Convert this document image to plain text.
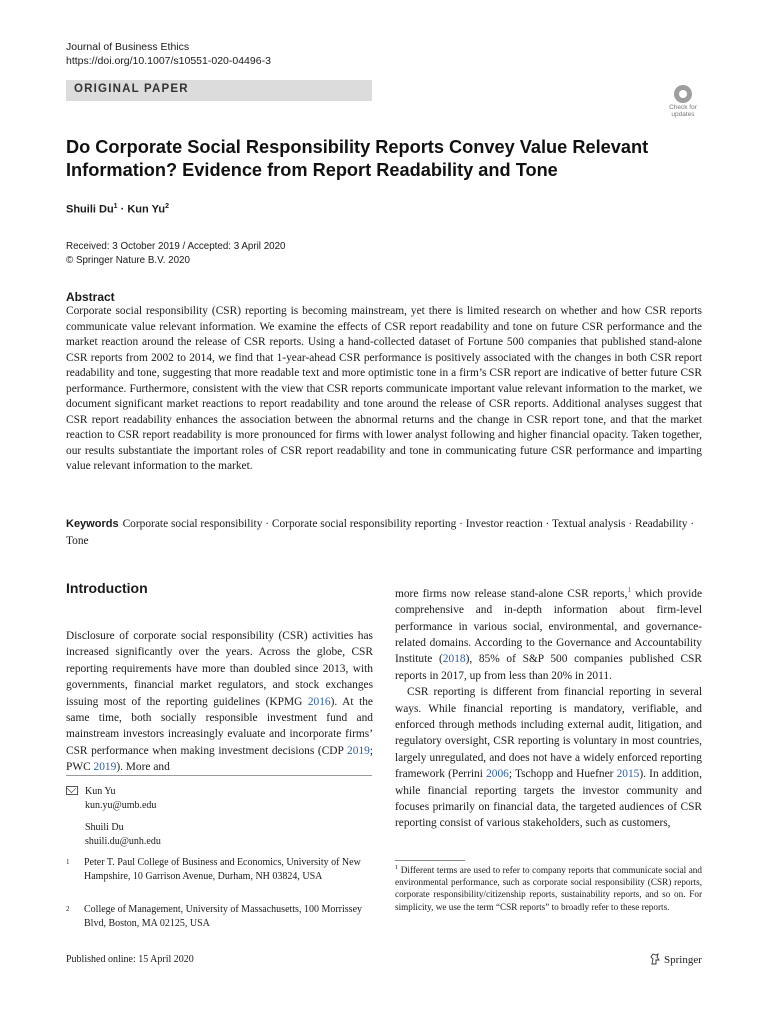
Journal of Business Ethics
https://doi.org/10.1007/s10551-020-04496-3
ORIGINAL PAPER
Check for
updates
Do Corporate Social Responsibility Reports Convey Value Relevant Information? Evidence from Report Readability and Tone
Shuili $Du^1$ · Kun Yu$^2$
Received: 3 October 2019 / Accepted: 3 April 2020
© Springer Nature B.V. 2020
Abstract
Corporate social responsibility (CSR) reporting is becoming mainstream, yet there is limited research on whether and how CSR reports communicate value relevant information. We examine the effects of CSR report readability and tone on future CSR performance and the market reaction around the release of CSR reports. Using a hand-collected dataset of Fortune 500 companies that published stand-alone CSR reports from 2002 to 2014, we find that 1-year-ahead CSR performance is positively associated with the changes in both CSR report readability and tone, suggesting that more readable text and more optimistic tone in a firm’s CSR report are indicative of better future CSR performance. Furthermore, consistent with the view that CSR reports communicate important value relevant information to the market, we document significant market reactions to report readability and tone around the release of CSR reports. Additional analyses suggest that CSR report readability enhances the association between the abnormal returns and the change in CSR report tone, and that the market reaction to CSR report readability is more pronounced for firms with lower analyst following and higher financial opacity. Taken together, our results substantiate the important roles of CSR report readability and tone in communicating future CSR performance and imparting value relevant information to the market.
Keywords Corporate social responsibility · Corporate social responsibility reporting · Investor reaction · Textual analysis · Readability · Tone
Introduction

Disclosure of corporate social responsibility (CSR) activities has increased significantly over the years. Across the globe, CSR reporting requirements have more than doubled since 2013, with governments, financial market regulators, and stock exchanges issuing most of the reporting guidelines (KPMG 2016). At the same time, both socially responsible investment fund and mainstream investors increasingly evaluate and incorporate firms’ CSR performance when making investment decisions (CDP 2019; PWC 2019). More and

more firms now release stand-alone CSR reports,$^1$ which provide comprehensive and in-depth information about firm-level performance in various social, environmental, and governance-related domains. According to the Governance and Accountability Institute (2018), 85% of S&P 500 companies published CSR reports in 2017, up from less than 20% in 2011.

CSR reporting is different from financial reporting in several ways. While financial reporting is mandatory, verifiable, and enforced through methods including external audit, litigation, and regulatory oversight, CSR reporting is voluntary in most countries, largely unregulated, and does not have a widely enforced reporting framework (Perrini 2006; Tschopp and Huefner 2015). In addition, while financial reporting targets the investor community and focuses primarily on financial data, the targeted audiences of CSR reporting consist of various stakeholders, such as customers,

Kun Yu
kun.yu@umb.edu
Shuili Du
shuili.du@unh.edu
1 Peter T. Paul College of Business and Economics, University of New Hampshire, 10 Garrison Avenue, Durham, NH 03824, USA
2 College of Management, University of Massachusetts, 100 Morrissey Blvd, Boston, MA 02125, USA
$^1$ Different terms are used to refer to company reports that communicate social and environmental performance, such as corporate social responsibility (CSR) reports, corporate responsibility/citizenship reports, sustainability reports, and so on. For simplicity, we use the term “CSR reports” to broadly refer to these reports.
Published online: 15 April 2020	Springer
